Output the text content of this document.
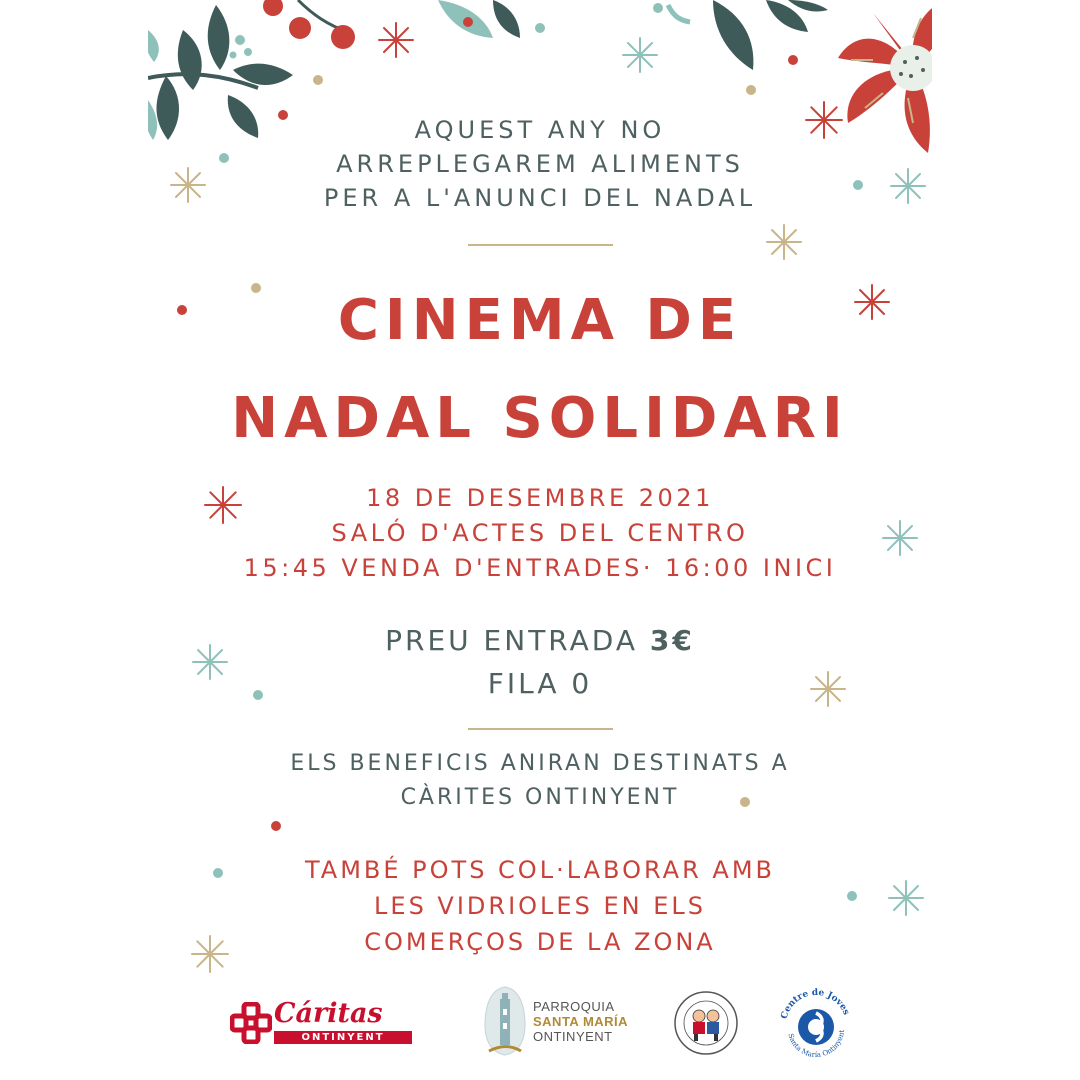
AQUEST ANY NO
ARREPLEGAREM ALIMENTS
PER A L'ANUNCI DEL NADAL
CINEMA DE
NADAL SOLIDARI
18 DE DESEMBRE 2021
SALÓ D'ACTES DEL CENTRO
15:45 VENDA D'ENTRADES· 16:00 INICI
PREU ENTRADA 3€
FILA 0
ELS BENEFICIS ANIRAN DESTINATS A
CÀRITES ONTINYENT
TAMBÉ POTS COL·LABORAR AMB
LES VIDRIOLES EN ELS
COMERÇOS DE LA ZONA
Cáritas
ONTINYENT
PARROQUIA
SANTA MARÍA
ONTINYENT
Centre de Joves
Santa María Ontinyent
